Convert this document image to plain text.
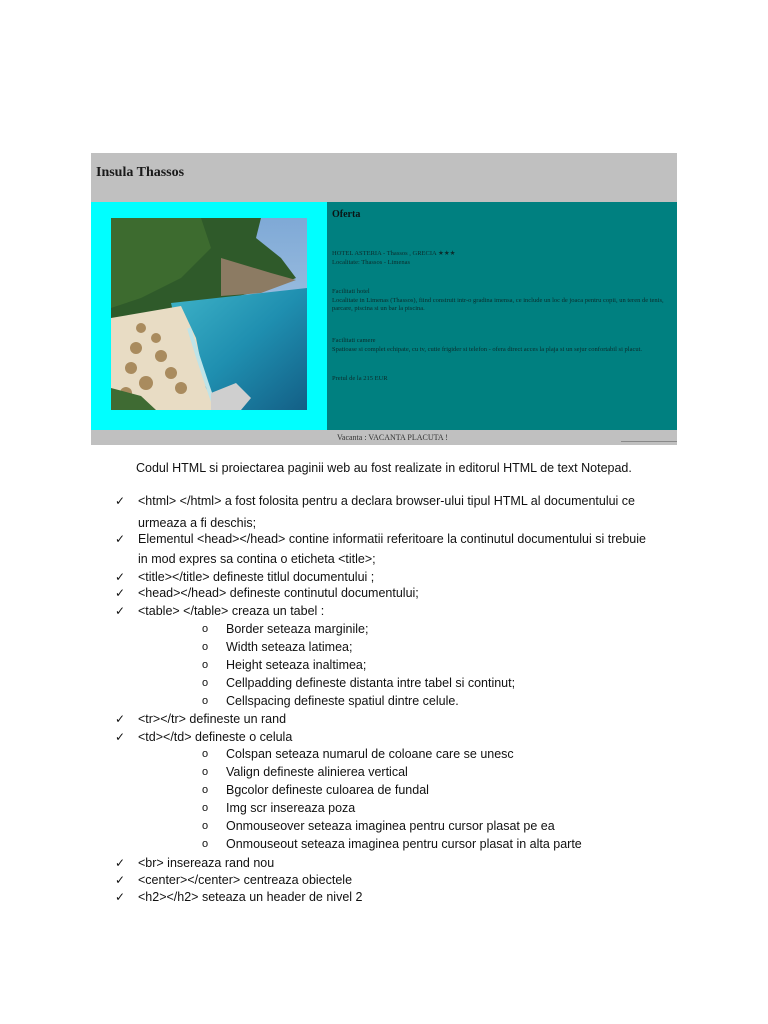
Insula Thassos
Oferta
HOTEL ASTERIA - Thassos , GRECIA ★★★
Localitate: Thassos - Limenas
Facilitati hotel
Localitate in Limenas (Thassos), fiind construit intr-o gradina imensa, ce include un loc de joaca pentru copii, un teren de tenis, parcare, piscina si un bar la piscina.
Facilitati camere
Spatioase si complet echipate, cu tv, cutie frigider si telefon - ofera direct acces la plaja si un sejur confortabil si placut.
Pretul de la 215 EUR
Vacanta : VACANTA PLACUTA !
Codul HTML si proiectarea paginii web au fost realizate in editorul HTML de text Notepad.
✓ <html> </html> a fost folosita pentru a declara browser-ului tipul HTML al documentului ce
urmeaza a fi deschis;
✓ Elementul <head></head> contine informatii referitoare la continutul documentului si trebuie
in mod expres sa contina o eticheta <title>;
✓ <title></title> defineste titlul documentului ;
✓ <head></head> defineste continutul documentului;
✓ <table> </table> creaza un tabel :
o Border seteaza marginile;
o Width seteaza latimea;
o Height seteaza inaltimea;
o Cellpadding defineste distanta intre tabel si continut;
o Cellspacing defineste spatiul dintre celule.
✓ <tr></tr> defineste un rand
✓ <td></td> defineste o celula
o Colspan seteaza numarul de coloane care se unesc
o Valign defineste alinierea vertical
o Bgcolor defineste culoarea de fundal
o Img scr insereaza poza
o Onmouseover seteaza imaginea pentru cursor plasat pe ea
o Onmouseout seteaza imaginea pentru cursor plasat in alta parte
✓ <br> insereaza rand nou
✓ <center></center> centreaza obiectele
✓ <h2></h2> seteaza un header de nivel 2
